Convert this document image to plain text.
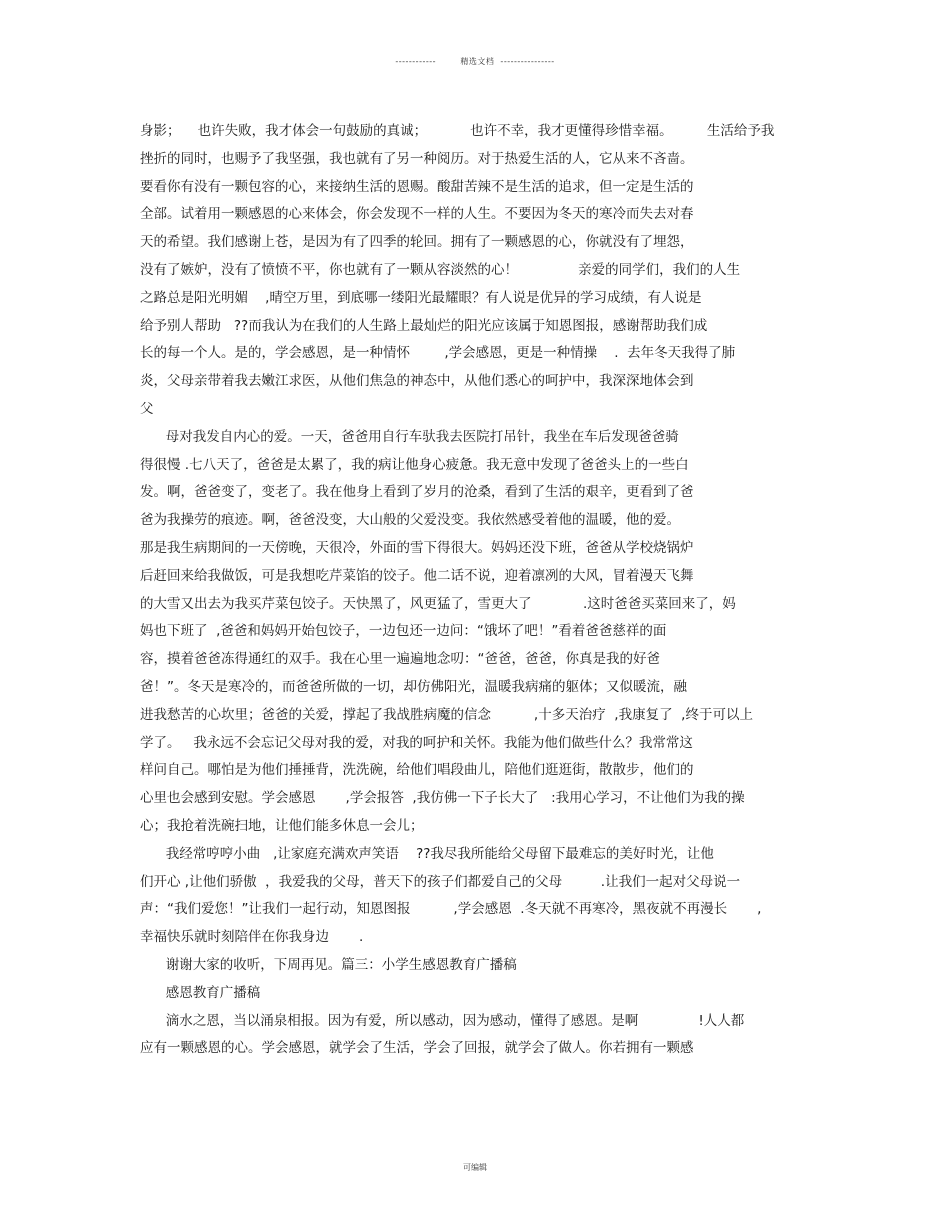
------------        精选文档  ----------------
身影；    也许失败，我才体会一句鼓励的真诚；          也许不幸，我才更懂得珍惜幸福。        生活给予我
挫折的同时，也赐予了我坚强，我也就有了另一种阅历。对于热爱生活的人，它从来不吝啬。
要看你有没有一颗包容的心，来接纳生活的恩赐。酸甜苦辣不是生活的追求，但一定是生活的
全部。试着用一颗感恩的心来体会，你会发现不一样的人生。不要因为冬天的寒冷而失去对春
天的希望。我们感谢上苍，是因为有了四季的轮回。拥有了一颗感恩的心，你就没有了埋怨，
没有了嫉妒，没有了愤愤不平，你也就有了一颗从容淡然的心！              亲爱的同学们，我们的人生
之路总是阳光明媚    ,晴空万里，到底哪一缕阳光最耀眼？有人说是优异的学习成绩，有人说是
给予别人帮助   ??而我认为在我们的人生路上最灿烂的阳光应该属于知恩图报，感谢帮助我们成
长的每一个人。是的，学会感恩，是一种情怀        ,学会感恩，更是一种情操    .  去年冬天我得了肺
炎，父母亲带着我去嫩江求医，从他们焦急的神态中，从他们悉心的呵护中，我深深地体会到
父
母对我发自内心的爱。一天，爸爸用自行车驮我去医院打吊针，我坐在车后发现爸爸骑
得很慢 .七八天了，爸爸是太累了，我的病让他身心疲惫。我无意中发现了爸爸头上的一些白
发。啊，爸爸变了，变老了。我在他身上看到了岁月的沧桑，看到了生活的艰辛，更看到了爸
爸为我操劳的痕迹。啊，爸爸没变，大山般的父爱没变。我依然感受着他的温暖，他的爱。
那是我生病期间的一天傍晚，天很冷，外面的雪下得很大。妈妈还没下班，爸爸从学校烧锅炉
后赶回来给我做饭，可是我想吃芹菜馅的饺子。他二话不说，迎着凛冽的大风，冒着漫天飞舞
的大雪又出去为我买芹菜包饺子。天快黑了，风更猛了，雪更大了            .这时爸爸买菜回来了，妈
妈也下班了  ,爸爸和妈妈开始包饺子，一边包还一边问：“饿坏了吧！”看着爸爸慈祥的面
容，摸着爸爸冻得通红的双手。我在心里一遍遍地念叨：“爸爸，爸爸，你真是我的好爸
爸！”。冬天是寒冷的，而爸爸所做的一切，却仿佛阳光，温暖我病痛的躯体；又似暖流，融
进我愁苦的心坎里；爸爸的关爱，撑起了我战胜病魔的信念          ,十多天治疗  ,我康复了  ,终于可以上
学了。   我永远不会忘记父母对我的爱，对我的呵护和关怀。我能为他们做些什么？我常常这
样问自己。哪怕是为他们捶捶背，洗洗碗，给他们唱段曲儿，陪他们逛逛街，散散步，他们的
心里也会感到安慰。学会感恩       ,学会报答  ,我仿佛一下子长大了   :我用心学习，不让他们为我的操
心；我抢着洗碗扫地，让他们能多休息一会儿；
我经常哼哼小曲   ,让家庭充满欢声笑语    ??我尽我所能给父母留下最难忘的美好时光，让他
们开心 ,让他们骄傲  ，我爱我的父母，普天下的孩子们都爱自己的父母         .让我们一起对父母说一
声：“我们爱您！”让我们一起行动，知恩图报          ,学会感恩  .冬天就不再寒冷，黑夜就不再漫长       ,
幸福快乐就时刻陪伴在你我身边       .
谢谢大家的收听，下周再见。篇三：小学生感恩教育广播稿
感恩教育广播稿
滴水之恩，当以涌泉相报。因为有爱，所以感动，因为感动，懂得了感恩。是啊              !人人都
应有一颗感恩的心。学会感恩，就学会了生活，学会了回报，就学会了做人。你若拥有一颗感
可编辑
